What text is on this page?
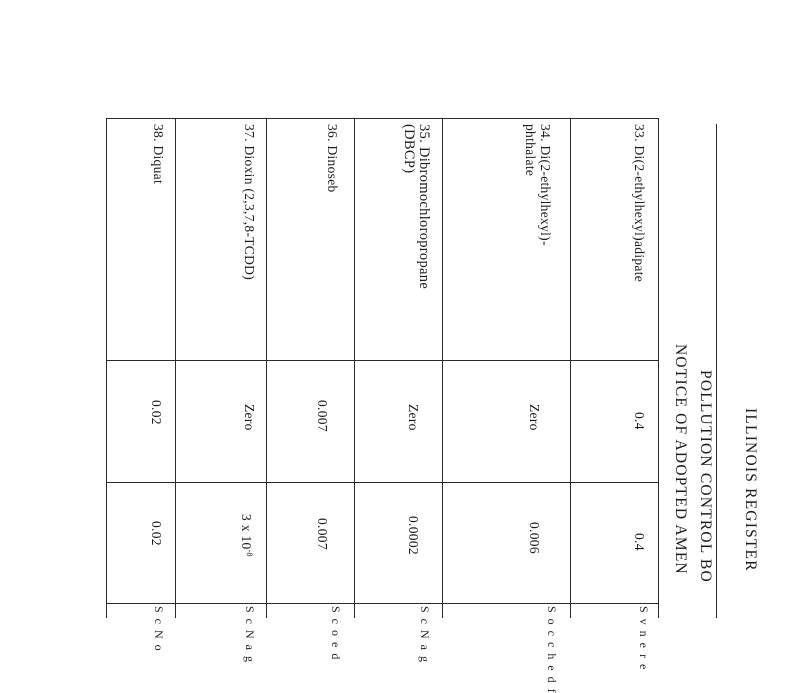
ILLINOIS REGISTER
POLLUTION CONTROL BO
NOTICE OF ADOPTED AMEN
33. Di(2-ethylhexyl)adipate
0.4
0.4
34. Di(2-ethylhexyl)-
phthalate
Zero
0.006
35. Dibromochloropropane
(DBCP)
Zero
0.0002
36. Dinoseb
0.007
0.007
37. Dioxin (2,3,7,8-TCDD)
Zero
3 x $10^{-8}$
38. Diquat
0.02
0.02
S v n e r e
S o c c h e d f
S c N a g
S c o e d
S c N a g
S c N o
